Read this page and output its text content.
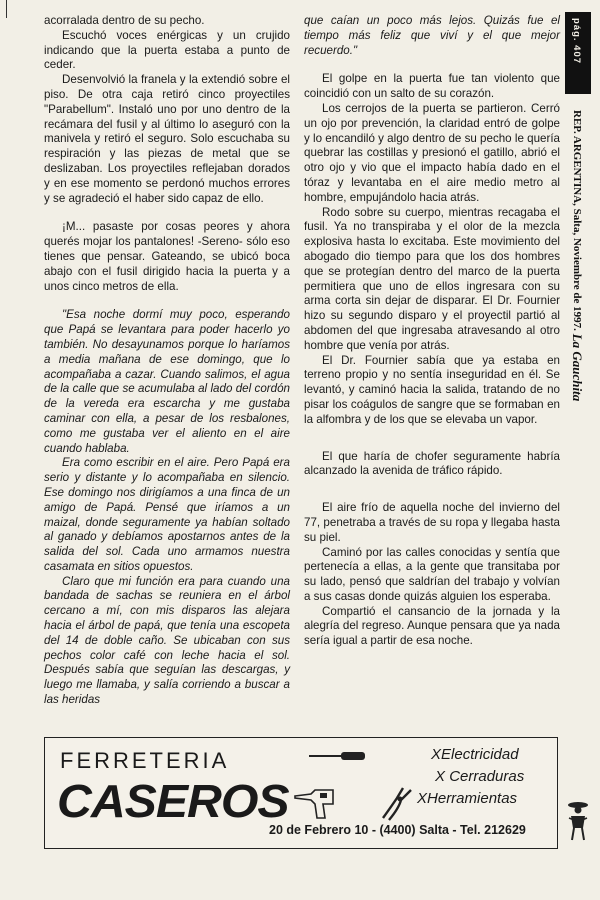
acorralada dentro de su pecho.

Escuchó voces enérgicas y un crujido indicando que la puerta estaba a punto de ceder.

Desenvolvió la franela y la extendió sobre el piso. De otra caja retiró cinco proyectiles "Parabellum". Instaló uno por uno dentro de la recámara del fusil y al último lo aseguró con la manivela y retiró el seguro. Solo escuchaba su respiración y las piezas de metal que se deslizaban. Los proyectiles reflejaban dorados y en ese momento se perdonó muchos errores y se agradeció el haber sido capaz de ello.

¡M... pasaste por cosas peores y ahora querés mojar los pantalones! -Sereno- sólo eso tienes que pensar. Gateando, se ubicó boca abajo con el fusil dirigido hacia la puerta y a unos cinco metros de ella.

"Esa noche dormí muy poco, esperando que Papá se levantara para poder hacerlo yo también. No desayunamos porque lo haríamos a media mañana de ese domingo, que lo acompañaba a cazar. Cuando salimos, el agua de la calle que se acumulaba al lado del cordón de la vereda era escarcha y me gustaba caminar con ella, a pesar de los resbalones, como me gustaba ver el aliento en el aire cuando hablaba.

Era como escribir en el aire. Pero Papá era serio y distante y lo acompañaba en silencio. Ese domingo nos dirigíamos a una finca de un amigo de Papá. Pensé que iríamos a un maizal, donde seguramente ya habían soltado al ganado y debíamos apostarnos antes de la salida del sol. Cada uno armamos nuestra casamata en sitios opuestos.

Claro que mi función era para cuando una bandada de sachas se reuniera en el árbol cercano a mí, con mis disparos las alejara hacia el árbol de papá, que tenía una escopeta del 14 de doble caño. Se ubicaban con sus pechos color café con leche hacia el sol. Después sabía que seguían las descargas, y luego me llamaba, y salía corriendo a buscar a las heridas

que caían un poco más lejos. Quizás fue el tiempo más feliz que viví y el que mejor recuerdo."

El golpe en la puerta fue tan violento que coincidió con un salto de su corazón.

Los cerrojos de la puerta se partieron. Cerró un ojo por prevención, la claridad entró de golpe y lo encandiló y algo dentro de su pecho le quería quebrar las costillas y presionó el gatillo, abrió el otro ojo y vio que el impacto había dado en el tóraz y levantaba en el aire medio metro al hombre, empujándolo hacia atrás.

Rodo sobre su cuerpo, mientras recagaba el fusil. Ya no transpiraba y el olor de la mezcla explosiva hasta lo excitaba. Este movimiento del abogado dio tiempo para que los dos hombres que se protegían dentro del marco de la puerta permitiera que uno de ellos ingresara con su arma corta sin dejar de disparar. El Dr. Fournier hizo su segundo disparo y el proyectil partió al abdomen del que ingresaba atravesando al otro hombre que venía por atrás.

El Dr. Fournier sabía que ya estaba en terreno propio y no sentía inseguridad en él. Se levantó, y caminó hacia la salida, tratando de no pisar los coágulos de sangre que se formaban en la alfombra y de los que se elevaba un vapor.

El que haría de chofer seguramente habría alcanzado la avenida de tráfico rápido.

El aire frío de aquella noche del invierno del 77, penetraba a través de su ropa y llegaba hasta su piel.

Caminó por las calles conocidas y sentía que pertenecía a ellas, a la gente que transitaba por su lado, pensó que saldrían del trabajo y volvían a sus casas donde quizás alguien los esperaba.

Compartió el cansancio de la jornada y la alegría del regreso. Aunque pensara que ya nada sería igual a partir de esa noche.

pág. 407
REP. ARGENTINA, Salta, Noviembre de 1997. La Gauchita
FERRETERIA
CASEROS
XElectricidad
X Cerraduras
XHerramientas
20 de Febrero 10 - (4400) Salta - Tel. 212629
